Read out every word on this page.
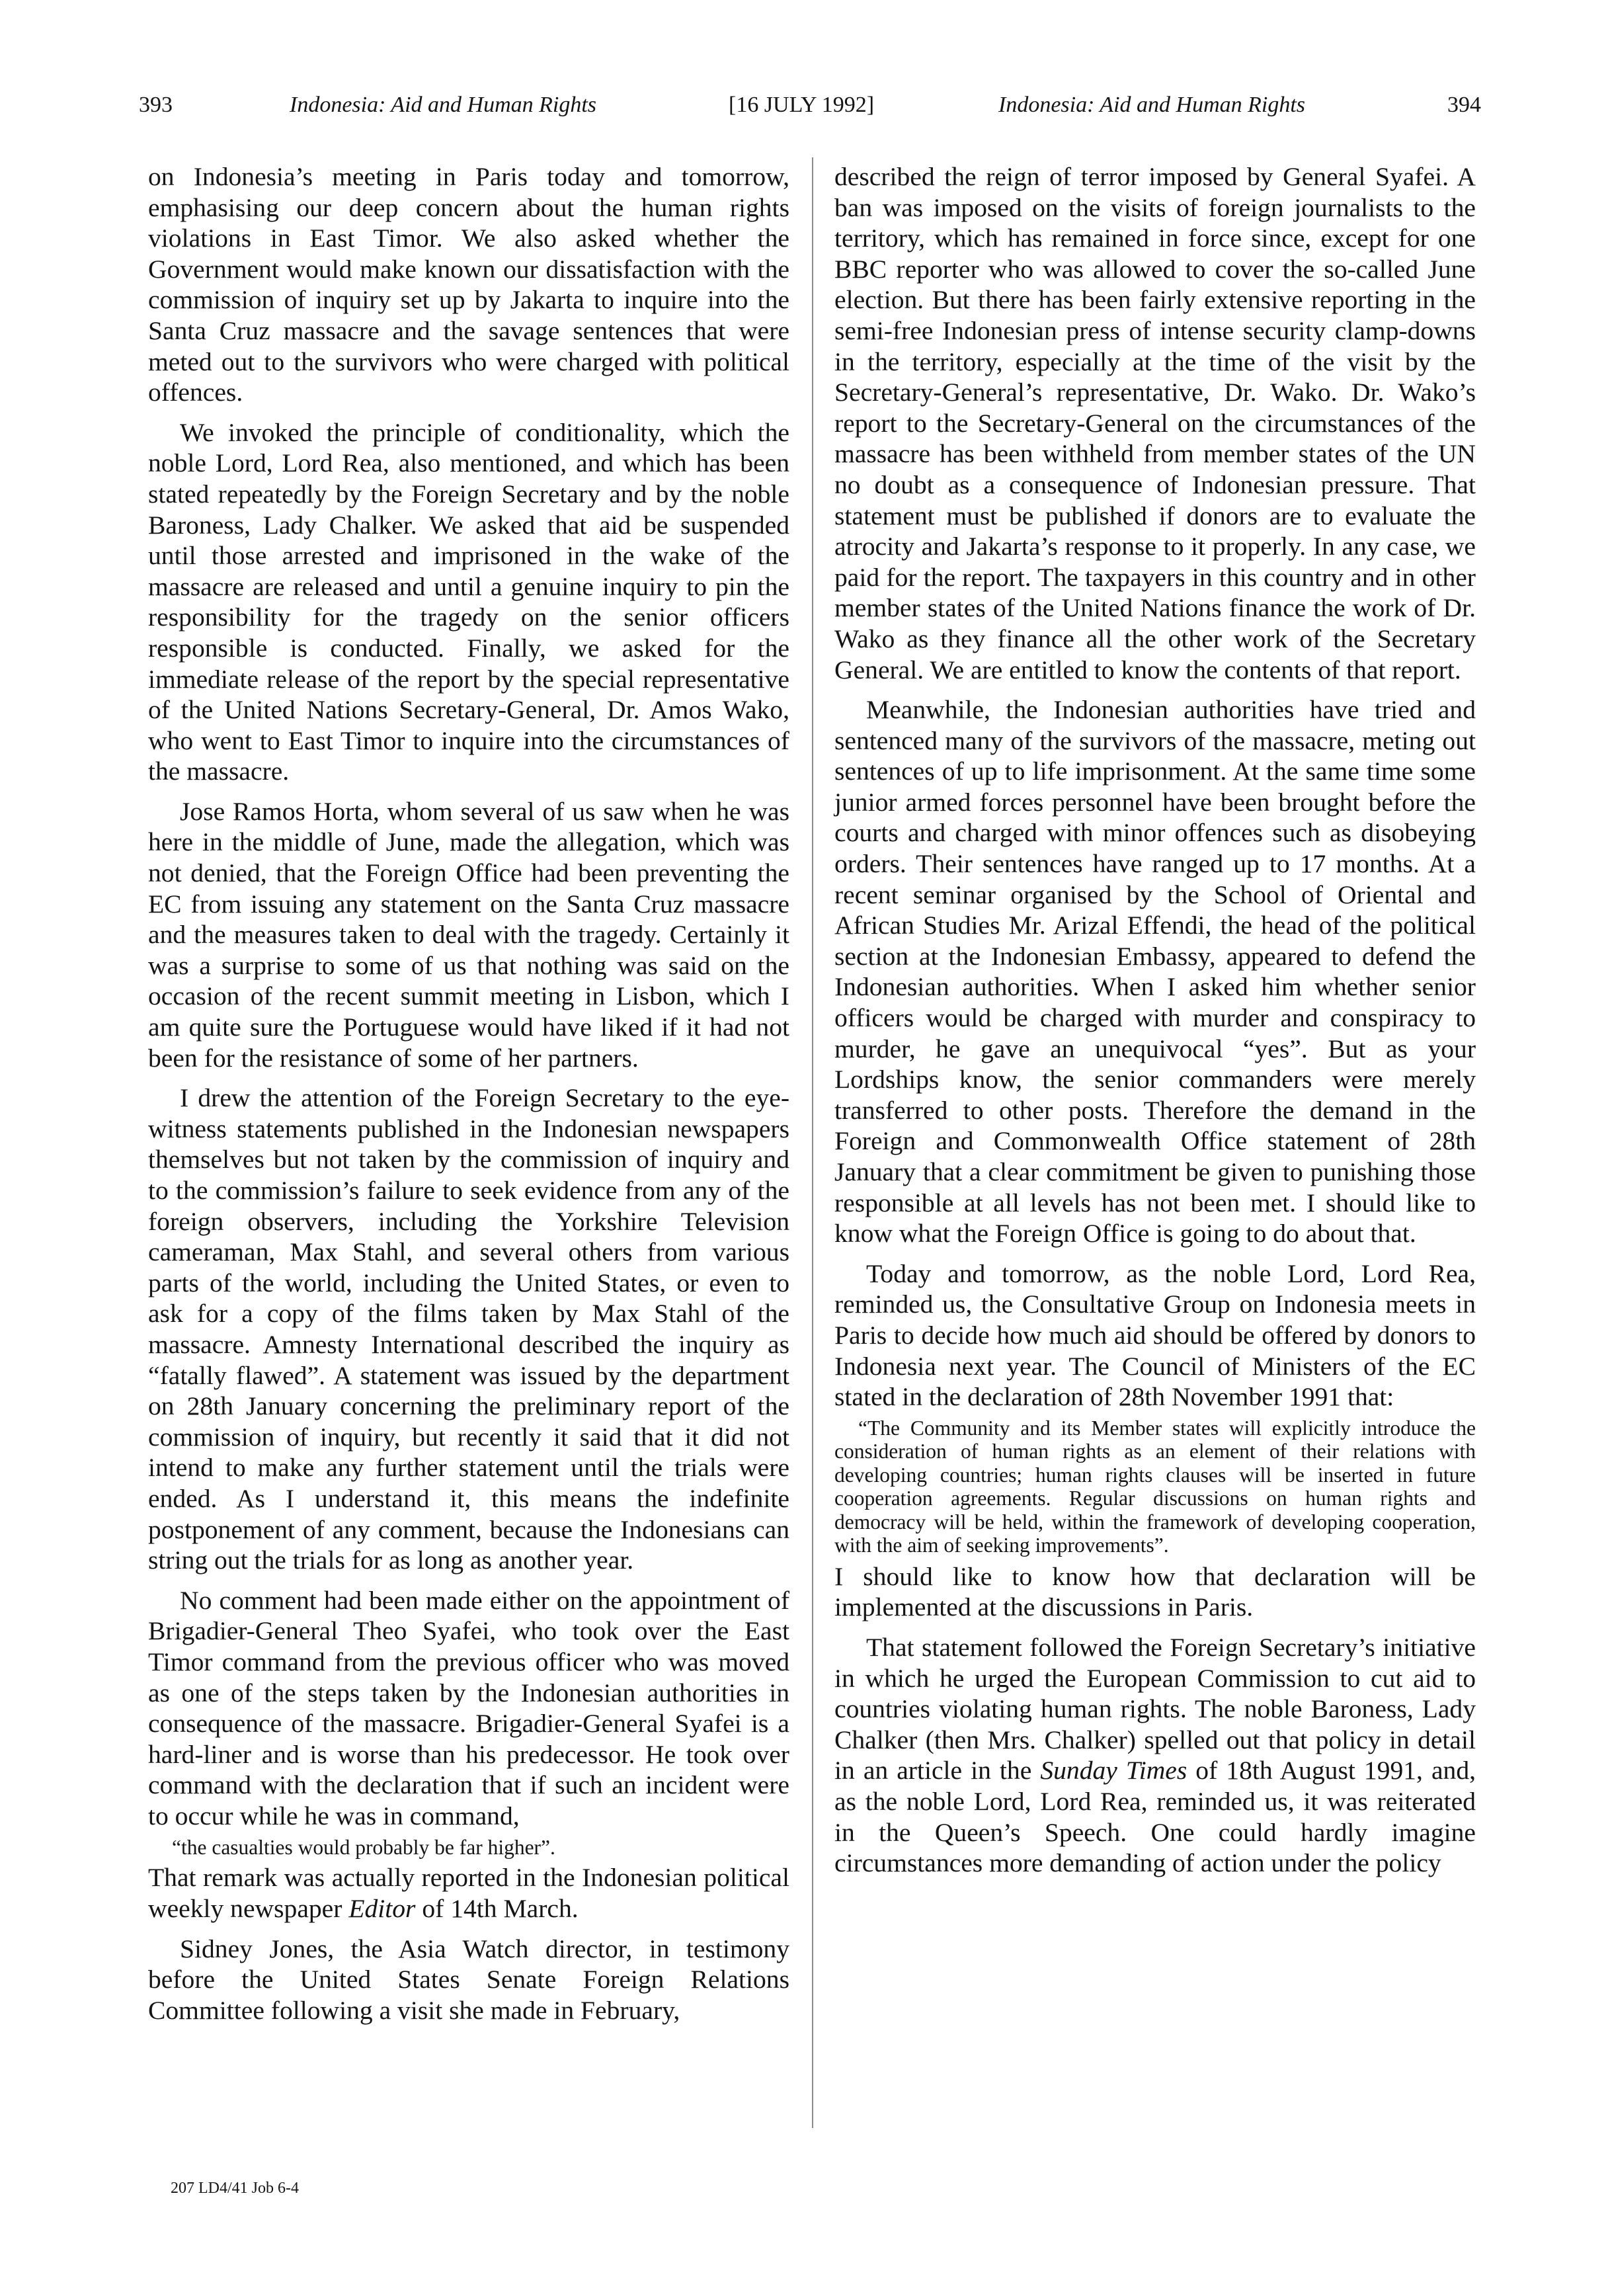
393	Indonesia: Aid and Human Rights	[16 JULY 1992]	Indonesia: Aid and Human Rights	394

on Indonesia’s meeting in Paris today and tomorrow, emphasising our deep concern about the human rights violations in East Timor. We also asked whether the Government would make known our dissatisfaction with the commission of inquiry set up by Jakarta to inquire into the Santa Cruz massacre and the savage sentences that were meted out to the survivors who were charged with political offences.

We invoked the principle of conditionality, which the noble Lord, Lord Rea, also mentioned, and which has been stated repeatedly by the Foreign Secretary and by the noble Baroness, Lady Chalker. We asked that aid be suspended until those arrested and imprisoned in the wake of the massacre are released and until a genuine inquiry to pin the responsibility for the tragedy on the senior officers responsible is conducted. Finally, we asked for the immediate release of the report by the special representative of the United Nations Secretary-General, Dr. Amos Wako, who went to East Timor to inquire into the circumstances of the massacre.

Jose Ramos Horta, whom several of us saw when he was here in the middle of June, made the allegation, which was not denied, that the Foreign Office had been preventing the EC from issuing any statement on the Santa Cruz massacre and the measures taken to deal with the tragedy. Certainly it was a surprise to some of us that nothing was said on the occasion of the recent summit meeting in Lisbon, which I am quite sure the Portuguese would have liked if it had not been for the resistance of some of her partners.

I drew the attention of the Foreign Secretary to the eye-witness statements published in the Indonesian newspapers themselves but not taken by the commission of inquiry and to the commission’s failure to seek evidence from any of the foreign observers, including the Yorkshire Television cameraman, Max Stahl, and several others from various parts of the world, including the United States, or even to ask for a copy of the films taken by Max Stahl of the massacre. Amnesty International described the inquiry as “fatally flawed”. A statement was issued by the department on 28th January concerning the preliminary report of the commission of inquiry, but recently it said that it did not intend to make any further statement until the trials were ended. As I understand it, this means the indefinite postponement of any comment, because the Indonesians can string out the trials for as long as another year.

No comment had been made either on the appointment of Brigadier-General Theo Syafei, who took over the East Timor command from the previous officer who was moved as one of the steps taken by the Indonesian authorities in consequence of the massacre. Brigadier-General Syafei is a hard-liner and is worse than his predecessor. He took over command with the declaration that if such an incident were to occur while he was in command,

“the casualties would probably be far higher”.

That remark was actually reported in the Indonesian political weekly newspaper Editor of 14th March.

Sidney Jones, the Asia Watch director, in testimony before the United States Senate Foreign Relations Committee following a visit she made in February,

described the reign of terror imposed by General Syafei. A ban was imposed on the visits of foreign journalists to the territory, which has remained in force since, except for one BBC reporter who was allowed to cover the so-called June election. But there has been fairly extensive reporting in the semi-free Indonesian press of intense security clamp-downs in the territory, especially at the time of the visit by the Secretary-General’s representative, Dr. Wako. Dr. Wako’s report to the Secretary-General on the circumstances of the massacre has been withheld from member states of the UN no doubt as a consequence of Indonesian pressure. That statement must be published if donors are to evaluate the atrocity and Jakarta’s response to it properly. In any case, we paid for the report. The taxpayers in this country and in other member states of the United Nations finance the work of Dr. Wako as they finance all the other work of the Secretary General. We are entitled to know the contents of that report.

Meanwhile, the Indonesian authorities have tried and sentenced many of the survivors of the massacre, meting out sentences of up to life imprisonment. At the same time some junior armed forces personnel have been brought before the courts and charged with minor offences such as disobeying orders. Their sentences have ranged up to 17 months. At a recent seminar organised by the School of Oriental and African Studies Mr. Arizal Effendi, the head of the political section at the Indonesian Embassy, appeared to defend the Indonesian authorities. When I asked him whether senior officers would be charged with murder and conspiracy to murder, he gave an unequivocal “yes”. But as your Lordships know, the senior commanders were merely transferred to other posts. Therefore the demand in the Foreign and Commonwealth Office statement of 28th January that a clear commitment be given to punishing those responsible at all levels has not been met. I should like to know what the Foreign Office is going to do about that.

Today and tomorrow, as the noble Lord, Lord Rea, reminded us, the Consultative Group on Indonesia meets in Paris to decide how much aid should be offered by donors to Indonesia next year. The Council of Ministers of the EC stated in the declaration of 28th November 1991 that:

“The Community and its Member states will explicitly introduce the consideration of human rights as an element of their relations with developing countries; human rights clauses will be inserted in future cooperation agreements. Regular discussions on human rights and democracy will be held, within the framework of developing cooperation, with the aim of seeking improvements”.

I should like to know how that declaration will be implemented at the discussions in Paris.

That statement followed the Foreign Secretary’s initiative in which he urged the European Commission to cut aid to countries violating human rights. The noble Baroness, Lady Chalker (then Mrs. Chalker) spelled out that policy in detail in an article in the Sunday Times of 18th August 1991, and, as the noble Lord, Lord Rea, reminded us, it was reiterated in the Queen’s Speech. One could hardly imagine circumstances more demanding of action under the policy

207 LD4/41 Job 6-4
